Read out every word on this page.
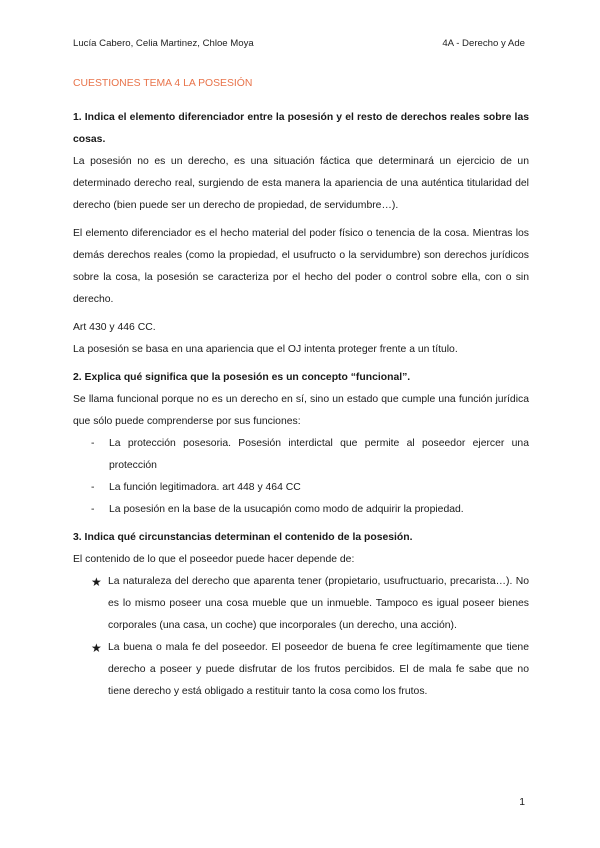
Lucía Cabero, Celia Martinez, Chloe Moya	4A - Derecho y Ade
CUESTIONES TEMA 4 LA POSESIÓN

1. Indica el elemento diferenciador entre la posesión y el resto de derechos reales sobre las cosas.

La posesión no es un derecho, es una situación fáctica que determinará un ejercicio de un determinado derecho real, surgiendo de esta manera la apariencia de una auténtica titularidad del derecho (bien puede ser un derecho de propiedad, de servidumbre…).

El elemento diferenciador es el hecho material del poder físico o tenencia de la cosa. Mientras los demás derechos reales (como la propiedad, el usufructo o la servidumbre) son derechos jurídicos sobre la cosa, la posesión se caracteriza por el hecho del poder o control sobre ella, con o sin derecho.

Art 430 y 446 CC.

La posesión se basa en una apariencia que el OJ intenta proteger frente a un título.

2. Explica qué significa que la posesión es un concepto “funcional”.

Se llama funcional porque no es un derecho en sí, sino un estado que cumple una función jurídica que sólo puede comprenderse por sus funciones:

- La protección posesoria. Posesión interdictal que permite al poseedor ejercer una protección
- La función legitimadora. art 448 y 464 CC
- La posesión en la base de la usucapión como modo de adquirir la propiedad.

3. Indica qué circunstancias determinan el contenido de la posesión.

El contenido de lo que el poseedor puede hacer depende de:

★ La naturaleza del derecho que aparenta tener (propietario, usufructuario, precarista…). No es lo mismo poseer una cosa mueble que un inmueble. Tampoco es igual poseer bienes corporales (una casa, un coche) que incorporales (un derecho, una acción).
★ La buena o mala fe del poseedor. El poseedor de buena fe cree legítimamente que tiene derecho a poseer y puede disfrutar de los frutos percibidos. El de mala fe sabe que no tiene derecho y está obligado a restituir tanto la cosa como los frutos.
1
